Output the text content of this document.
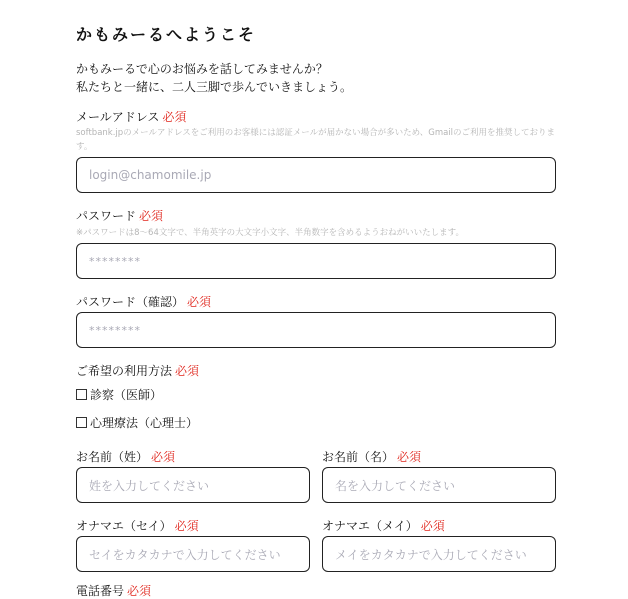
かもみーるへようこそ
かもみーるで心のお悩みを話してみませんか？
私たちと一緒に、二人三脚で歩んでいきましょう。
メールアドレス 必須
softbank.jpのメールアドレスをご利用のお客様には認証メールが届かない場合が多いため、Gmailのご利用を推奨しております。
login@chamomile.jp
パスワード 必須
※パスワードは8〜64文字で、半角英字の大文字小文字、半角数字を含めるようおねがいいたします。
********
パスワード（確認） 必須
********
ご希望の利用方法 必須
診察（医師）
心理療法（心理士）
お名前（姓） 必須	お名前（名） 必須
姓を入力してください	名を入力してください
オナマエ（セイ） 必須	オナマエ（メイ） 必須
セイをカタカナで入力してください	メイをカタカナで入力してください
電話番号 必須
